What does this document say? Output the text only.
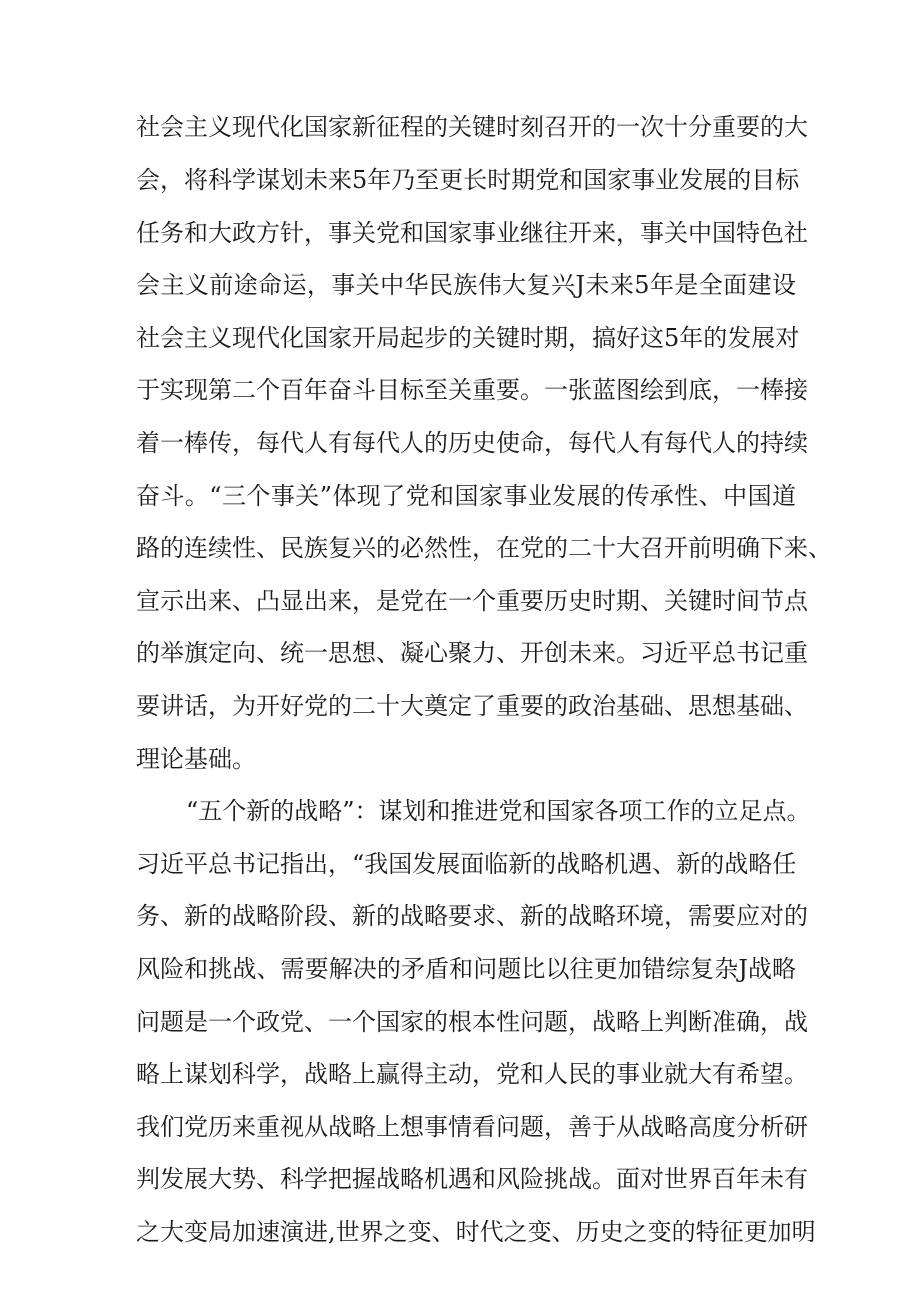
社会主义现代化国家新征程的关键时刻召开的一次十分重要的大
会，将科学谋划未来5年乃至更长时期党和国家事业发展的目标
任务和大政方针，事关党和国家事业继往开来，事关中国特色社
会主义前途命运，事关中华民族伟大复兴J未来5年是全面建设
社会主义现代化国家开局起步的关键时期，搞好这5年的发展对
于实现第二个百年奋斗目标至关重要。一张蓝图绘到底，一棒接
着一棒传，每代人有每代人的历史使命，每代人有每代人的持续
奋斗。“三个事关”体现了党和国家事业发展的传承性、中国道
路的连续性、民族复兴的必然性，在党的二十大召开前明确下来、
宣示出来、凸显出来，是党在一个重要历史时期、关键时间节点
的举旗定向、统一思想、凝心聚力、开创未来。习近平总书记重
要讲话，为开好党的二十大奠定了重要的政治基础、思想基础、
理论基础。
“五个新的战略”：谋划和推进党和国家各项工作的立足点。
习近平总书记指出，“我国发展面临新的战略机遇、新的战略任
务、新的战略阶段、新的战略要求、新的战略环境，需要应对的
风险和挑战、需要解决的矛盾和问题比以往更加错综复杂J战略
问题是一个政党、一个国家的根本性问题，战略上判断准确，战
略上谋划科学，战略上赢得主动，党和人民的事业就大有希望。
我们党历来重视从战略上想事情看问题，善于从战略高度分析研
判发展大势、科学把握战略机遇和风险挑战。面对世界百年未有
之大变局加速演进,世界之变、时代之变、历史之变的特征更加明
